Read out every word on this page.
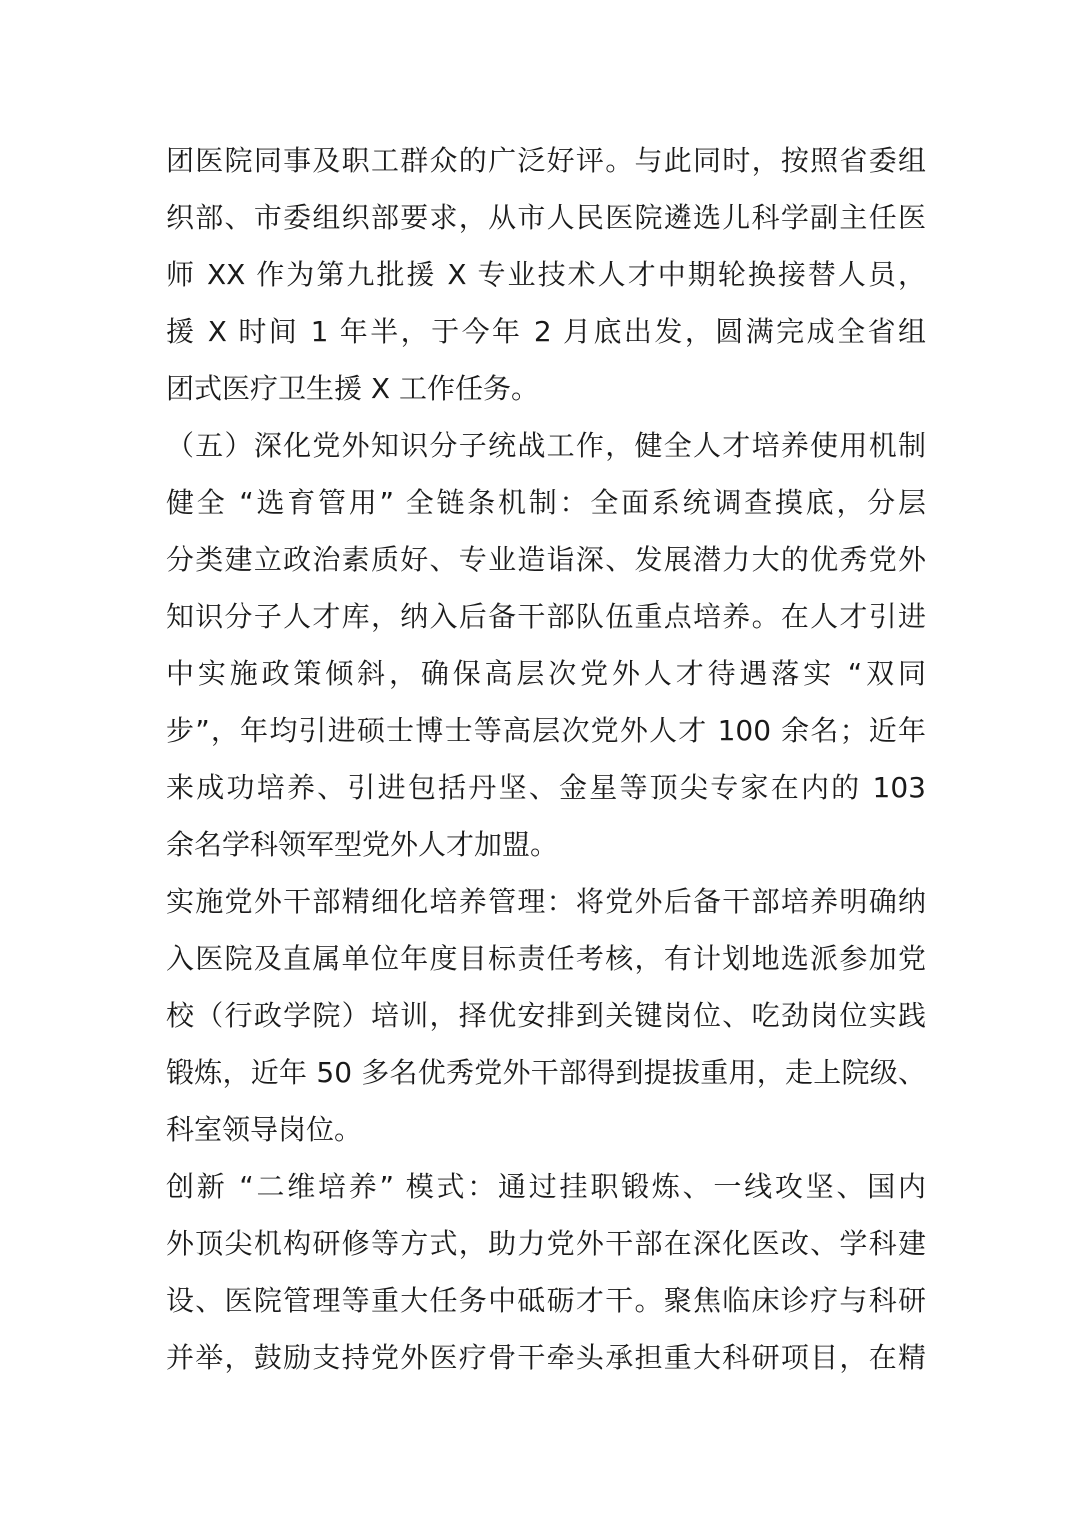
团医院同事及职工群众的广泛好评。与此同时，按照省委组
织部、市委组织部要求，从市人民医院遴选儿科学副主任医
师 XX 作为第九批援 X 专业技术人才中期轮换接替人员，
援 X 时间 1 年半，于今年 2 月底出发，圆满完成全省组
团式医疗卫生援 X 工作任务。
（五）深化党外知识分子统战工作，健全人才培养使用机制
健全 “选育管用” 全链条机制：全面系统调查摸底，分层
分类建立政治素质好、专业造诣深、发展潜力大的优秀党外
知识分子人才库，纳入后备干部队伍重点培养。在人才引进
中实施政策倾斜，确保高层次党外人才待遇落实 “双同
步”，年均引进硕士博士等高层次党外人才 100 余名；近年
来成功培养、引进包括丹坚、金星等顶尖专家在内的 103
余名学科领军型党外人才加盟。
实施党外干部精细化培养管理：将党外后备干部培养明确纳
入医院及直属单位年度目标责任考核，有计划地选派参加党
校（行政学院）培训，择优安排到关键岗位、吃劲岗位实践
锻炼，近年 50 多名优秀党外干部得到提拔重用，走上院级、
科室领导岗位。
创新 “二维培养” 模式：通过挂职锻炼、一线攻坚、国内
外顶尖机构研修等方式，助力党外干部在深化医改、学科建
设、医院管理等重大任务中砥砺才干。聚焦临床诊疗与科研
并举，鼓励支持党外医疗骨干牵头承担重大科研项目，在精
